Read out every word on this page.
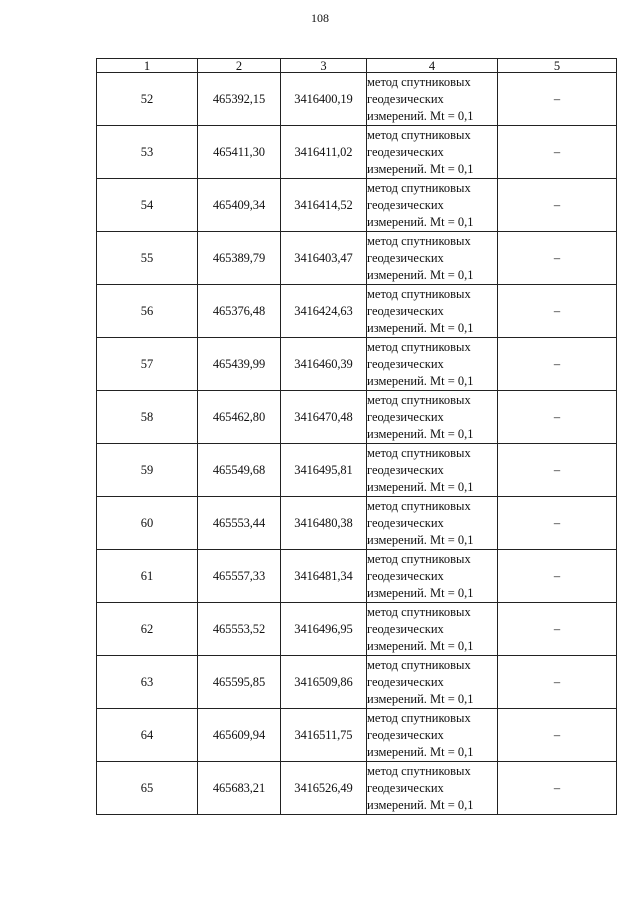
108
1	2	3	4	5
52	465392,15	3416400,19	метод спутниковых
геодезических
измерений. Mt = 0,1	–
53	465411,30	3416411,02	метод спутниковых
геодезических
измерений. Mt = 0,1	–
54	465409,34	3416414,52	метод спутниковых
геодезических
измерений. Mt = 0,1	–
55	465389,79	3416403,47	метод спутниковых
геодезических
измерений. Mt = 0,1	–
56	465376,48	3416424,63	метод спутниковых
геодезических
измерений. Mt = 0,1	–
57	465439,99	3416460,39	метод спутниковых
геодезических
измерений. Mt = 0,1	–
58	465462,80	3416470,48	метод спутниковых
геодезических
измерений. Mt = 0,1	–
59	465549,68	3416495,81	метод спутниковых
геодезических
измерений. Mt = 0,1	–
60	465553,44	3416480,38	метод спутниковых
геодезических
измерений. Mt = 0,1	–
61	465557,33	3416481,34	метод спутниковых
геодезических
измерений. Mt = 0,1	–
62	465553,52	3416496,95	метод спутниковых
геодезических
измерений. Mt = 0,1	–
63	465595,85	3416509,86	метод спутниковых
геодезических
измерений. Mt = 0,1	–
64	465609,94	3416511,75	метод спутниковых
геодезических
измерений. Mt = 0,1	–
65	465683,21	3416526,49	метод спутниковых
геодезических
измерений. Mt = 0,1	–
